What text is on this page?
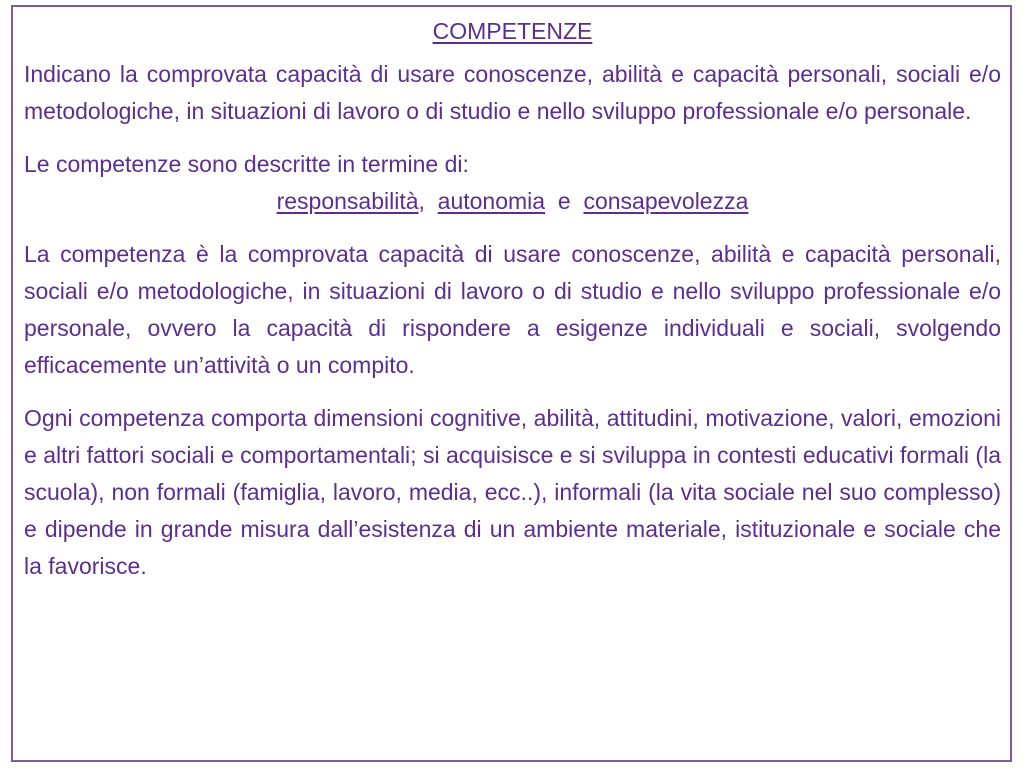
COMPETENZE

Indicano la comprovata capacità di usare conoscenze, abilità e capacità personali, sociali e/o metodologiche, in situazioni di lavoro o di studio e nello sviluppo professionale e/o personale.

Le competenze sono descritte in termine di:

responsabilità, autonomia e consapevolezza

La competenza è la comprovata capacità di usare conoscenze, abilità e capacità personali, sociali e/o metodologiche, in situazioni di lavoro o di studio e nello sviluppo professionale e/o personale, ovvero la capacità di rispondere a esigenze individuali e sociali, svolgendo efficacemente un’attività o un compito.

Ogni competenza comporta dimensioni cognitive, abilità, attitudini, motivazione, valori, emozioni e altri fattori sociali e comportamentali; si acquisisce e si sviluppa in contesti educativi formali (la scuola), non formali (famiglia, lavoro, media, ecc..), informali (la vita sociale nel suo complesso) e dipende in grande misura dall’esistenza di un ambiente materiale, istituzionale e sociale che la favorisce.
